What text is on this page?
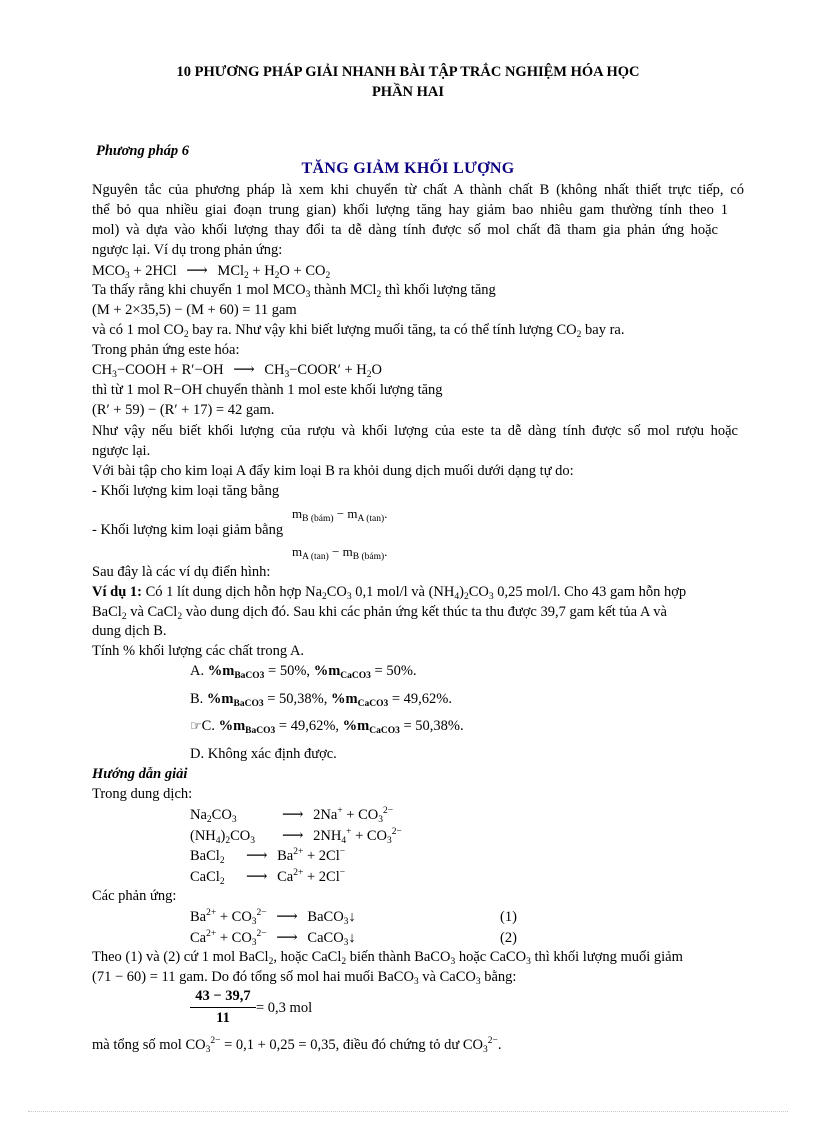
10 PHƯƠNG PHÁP GIẢI NHANH BÀI TẬP TRẮC NGHIỆM HÓA HỌC
PHẦN HAI
Phương pháp 6
TĂNG GIẢM KHỐI LƯỢNG
Nguyên tắc của phương pháp là xem khi chuyển từ chất A thành chất B (không nhất thiết trực tiếp, có
thể bỏ qua nhiều giai đoạn trung gian) khối lượng tăng hay giảm bao nhiêu gam thường tính theo 1
mol) và dựa vào khối lượng thay đổi ta dễ dàng tính được số mol chất đã tham gia phản ứng hoặc
ngược lại. Ví dụ trong phản ứng:
$MCO_3 + 2HCl$ ⟶ $MCl_2 + H_2O + CO_2$
Ta thấy rằng khi chuyển 1 mol $MCO_3$ thành MCl$_2$ thì khối lượng tăng
(M + 2×35,5) − (M + 60) = 11 gam
và có 1 mol $CO_2$ bay ra. Như vậy khi biết lượng muối tăng, ta có thể tính lượng $CO_2$ bay ra.
Trong phản ứng este hóa:
$CH_3-COOH + R'-OH$ ⟶ $CH_3-COOR' + H_2O$
thì từ 1 mol R−OH chuyển thành 1 mol este khối lượng tăng
(R′ + 59) − (R′ + 17) = 42 gam.
Như vậy nếu biết khối lượng của rượu và khối lượng của este ta dễ dàng tính được số mol rượu hoặc
ngược lại.
Với bài tập cho kim loại A đẩy kim loại B ra khỏi dung dịch muối dưới dạng tự do:
- Khối lượng kim loại tăng bằng
$m_{B (bám)} - m_{A (tan)}$.
- Khối lượng kim loại giảm bằng
$m_{A (tan)} - m_{B (bám)}$.
Sau đây là các ví dụ điển hình:
Ví dụ 1: Có 1 lít dung dịch hỗn hợp $Na_2CO_3$ 0,1 mol/l và $(NH_4)_2CO_3$ 0,25 mol/l. Cho 43 gam hỗn hợp
BaCl$_2$ và CaCl$_2$ vào dung dịch đó. Sau khi các phản ứng kết thúc ta thu được 39,7 gam kết tủa A và
dung dịch B.
Tính % khối lượng các chất trong A.
A. $\%m_{BaCO3} = 50\%$, $\%m_{CaCO3} = 50\%$.
B. $\%m_{BaCO3} = 50,38\%$, $\%m_{CaCO3} = 49,62\%$.
☞C. $\%m_{BaCO3} = 49,62\%$, $\%m_{CaCO3} = 50,38\%$.
D. Không xác định được.
Hướng dẫn giải
Trong dung dịch:
$Na_2CO_3$	⟶ $2Na^+ + CO_3^{2-}$
$(NH_4)_2CO_3$ ⟶ $2NH_4^+ + CO_3^{2-}$
BaCl$_2$ ⟶ $Ba^{2+} + 2Cl^-$
CaCl$_2$ ⟶ $Ca^{2+} + 2Cl^-$
Các phản ứng:
$Ba^{2+} + CO_3^{2-}$ ⟶ BaCO$_3$↓	(1)
$Ca^{2+} + CO_3^{2-}$ ⟶ CaCO$_3$↓	(2)
Theo (1) và (2) cứ 1 mol BaCl$_2$, hoặc CaCl$_2$ biến thành BaCO$_3$ hoặc CaCO$_3$ thì khối lượng muối giảm
(71 − 60) = 11 gam. Do đó tổng số mol hai muối BaCO$_3$ và CaCO$_3$ bằng:
43 − 39,7
11
= 0,3 mol
mà tổng số mol $CO_3^{2-} = 0,1 + 0,25 = 0,35$, điều đó chứng tỏ dư $CO_3^{2-}$.
